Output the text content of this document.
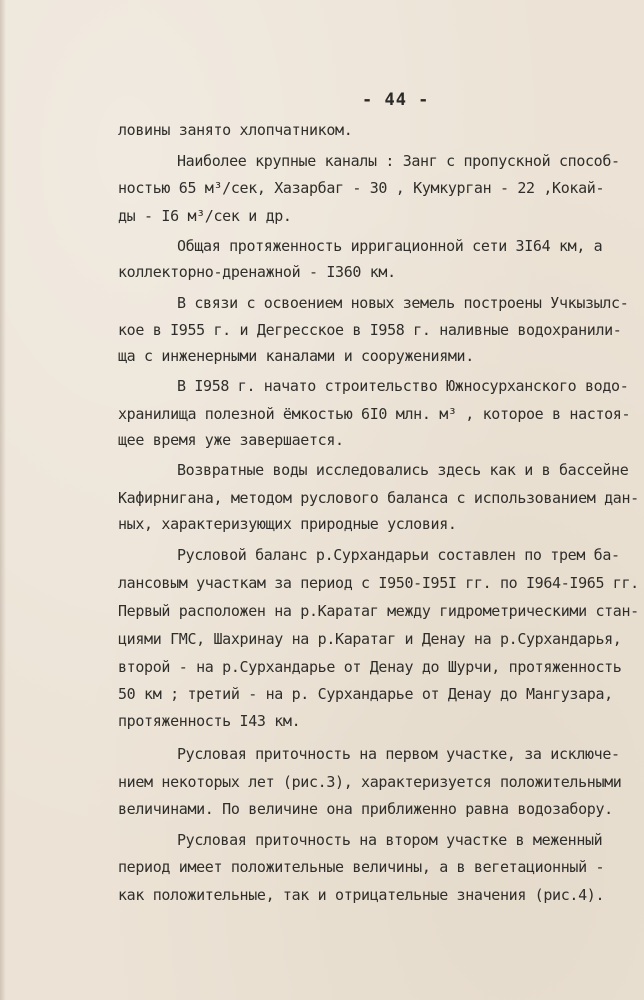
- 44 -
ловины занято хлопчатником.
Наиболее крупные каналы : Занг с пропускной способ-
ностью 65 м³/сек, Хазарбаг - 30 , Кумкурган - 22 ,Кокай-
ды - I6 м³/сек и др.
Общая протяженность ирригационной сети 3I64 км, а
коллекторно-дренажной - I360 км.
В связи с освоением новых земель построены Учкызылс-
кое в I955 г. и Дегресское в I958 г. наливные водохранили-
ща с инженерными каналами и сооружениями.
В I958 г. начато строительство Южносурханского водо-
хранилища полезной ёмкостью 6I0 млн. м³ , которое в настоя-
щее время уже завершается.
Возвратные воды исследовались здесь как и в бассейне
Кафирнигана, методом руслового баланса с использованием дан-
ных, характеризующих природные условия.
Русловой баланс р.Сурхандарьи составлен по трем ба-
лансовым участкам за период с I950-I95I гг. по I964-I965 гг.
Первый расположен на р.Каратаг между гидрометрическими стан-
циями ГМС, Шахринау на р.Каратаг и Денау на р.Сурхандарья,
второй - на р.Сурхандарье от Денау до Шурчи, протяженность
50 км ; третий - на р. Сурхандарье от Денау до Мангузара,
протяженность I43 км.
Русловая приточность на первом участке, за исключе-
нием некоторых лет (рис.3), характеризуется положительными
величинами. По величине она приближенно равна водозабору.
Русловая приточность на втором участке в меженный
период имеет положительные величины, а в вегетационный -
как положительные, так и отрицательные значения (рис.4).
